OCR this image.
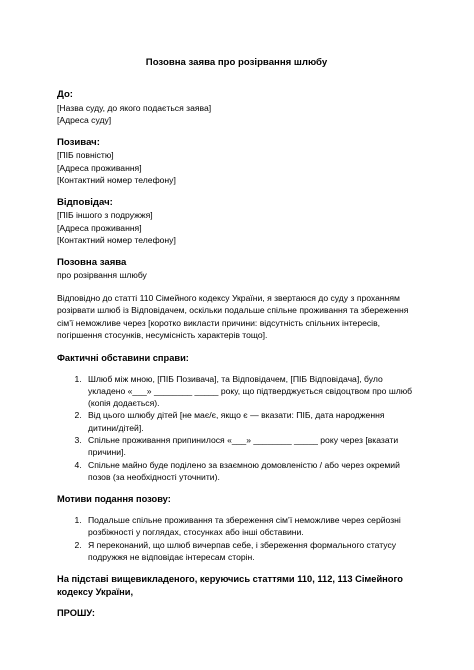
Позовна заява про розірвання шлюбу
До:
[Назва суду, до якого подається заява]
[Адреса суду]
Позивач:
[ПІБ повністю]
[Адреса проживання]
[Контактний номер телефону]
Відповідач:
[ПІБ іншого з подружжя]
[Адреса проживання]
[Контактний номер телефону]
Позовна заява
про розірвання шлюбу
Відповідно до статті 110 Сімейного кодексу України, я звертаюся до суду з проханням розірвати шлюб із Відповідачем, оскільки подальше спільне проживання та збереження сім’ї неможливе через [коротко викласти причини: відсутність спільних інтересів, погіршення стосунків, несумісність характерів тощо].
Фактичні обставини справи:
1. Шлюб між мною, [ПІБ Позивача], та Відповідачем, [ПІБ Відповідача], було укладено «___» ________ _____ року, що підтверджується свідоцтвом про шлюб (копія додається).
2. Від цього шлюбу дітей [не має/є, якщо є — вказати: ПІБ, дата народження дитини/дітей].
3. Спільне проживання припинилося «___» ________ _____ року через [вказати причини].
4. Спільне майно буде поділено за взаємною домовленістю / або через окремий позов (за необхідності уточнити).
Мотиви подання позову:
1. Подальше спільне проживання та збереження сім’ї неможливе через серйозні розбіжності у поглядах, стосунках або інші обставини.
2. Я переконаний, що шлюб вичерпав себе, і збереження формального статусу подружжя не відповідає інтересам сторін.
На підставі вищевикладеного, керуючись статтями 110, 112, 113 Сімейного кодексу України,
ПРОШУ:
